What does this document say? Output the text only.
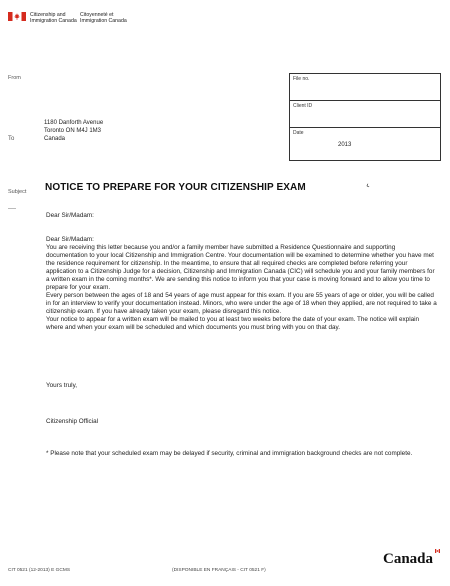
Citizenship and
Immigration Canada
Citoyenneté et
Immigration Canada
From
To
Subject
1180 Danforth Avenue
Toronto ON M4J 1M3
Canada
File no.
Client ID
Date
2013
NOTICE TO PREPARE FOR YOUR CITIZENSHIP EXAM	‹
Dear Sir/Madam:

Dear Sir/Madam:

You are receiving this letter because you and/or a family member have submitted a Residence Questionnaire and supporting documentation to your local Citizenship and Immigration Centre. Your documentation will be examined to determine whether you have met the residence requirement for citizenship. In the meantime, to ensure that all required checks are completed before referring your application to a Citizenship Judge for a decision, Citizenship and Immigration Canada (CIC) will schedule you and your family members for a written exam in the coming months*. We are sending this notice to inform you that your case is moving forward and to allow you time to prepare for your exam.

Every person between the ages of 18 and 54 years of age must appear for this exam. If you are 55 years of age or older, you will be called in for an interview to verify your documentation instead. Minors, who were under the age of 18 when they applied, are not required to take a citizenship exam. If you have already taken your exam, please disregard this notice.

Your notice to appear for a written exam will be mailed to you at least two weeks before the date of your exam. The notice will explain where and when your exam will be scheduled and which documents you must bring with you on that day.

Yours truly,
Citizenship Official
* Please note that your scheduled exam may be delayed if security, criminal and immigration background checks are not complete.
CIT 0521 (12-2013) E GCMS	(DISPONIBLE EN FRANÇAIS - CIT 0521 F)
Canada
